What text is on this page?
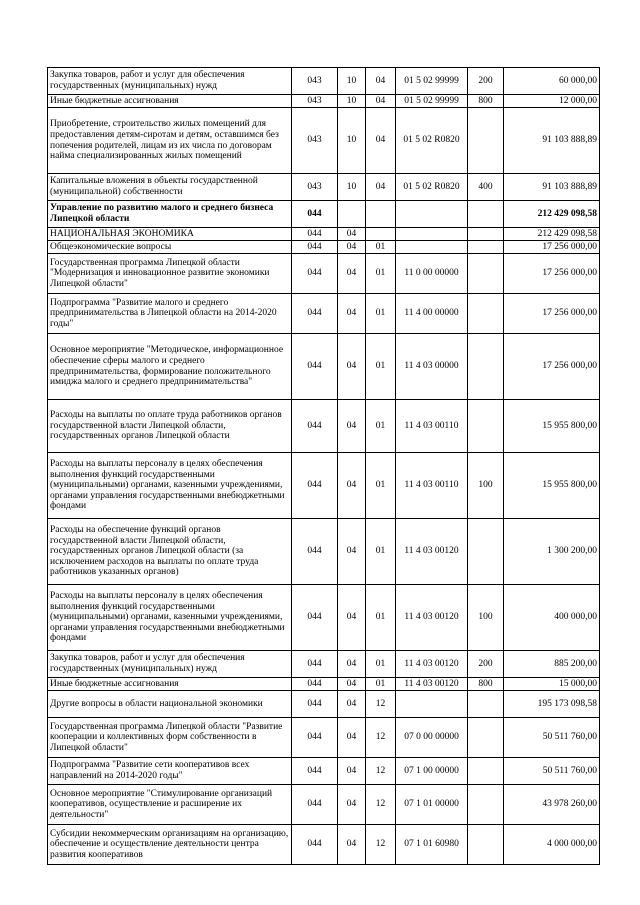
Закупка товаров, работ и услуг для обеспечения государственных (муниципальных) нужд	043	10	04	01 5 02 99999	200	60 000,00
Иные бюджетные ассигнования	043	10	04	01 5 02 99999	800	12 000,00
Приобретение, строительство жилых помещений для предоставления детям-сиротам и детям, оставшимся без попечения родителей, лицам из их числа по договорам найма специализированных жилых помещений	043	10	04	01 5 02 R0820		91 103 888,89
Капитальные вложения в объекты государственной (муниципальной) собственности	043	10	04	01 5 02 R0820	400	91 103 888,89
Управление по развитию малого и среднего бизнеса Липецкой области	044					212 429 098,58
НАЦИОНАЛЬНАЯ ЭКОНОМИКА	044	04				212 429 098,58
Общеэкономические вопросы	044	04	01			17 256 000,00
Государственная программа Липецкой области "Модернизация и инновационное развитие экономики Липецкой области"	044	04	01	11 0 00 00000		17 256 000,00
Подпрограмма "Развитие малого и среднего предпринимательства в Липецкой области на 2014-2020 годы"	044	04	01	11 4 00 00000		17 256 000,00
Основное мероприятие "Методическое, информационное обеспечение сферы малого и среднего предпринимательства, формирование положительного имиджа малого и среднего предпринимательства"	044	04	01	11 4 03 00000		17 256 000,00
Расходы на выплаты по оплате труда работников органов государственной власти Липецкой области, государственных органов Липецкой области	044	04	01	11 4 03 00110		15 955 800,00
Расходы на выплаты персоналу в целях обеспечения выполнения функций государственными (муниципальными) органами, казенными учреждениями, органами управления государственными внебюджетными фондами	044	04	01	11 4 03 00110	100	15 955 800,00
Расходы на обеспечение функций органов государственной власти Липецкой области, государственных органов Липецкой области (за исключением расходов на выплаты по оплате труда работников указанных органов)	044	04	01	11 4 03 00120		1 300 200,00
Расходы на выплаты персоналу в целях обеспечения выполнения функций государственными (муниципальными) органами, казенными учреждениями, органами управления государственными внебюджетными фондами	044	04	01	11 4 03 00120	100	400 000,00
Закупка товаров, работ и услуг для обеспечения государственных (муниципальных) нужд	044	04	01	11 4 03 00120	200	885 200,00
Иные бюджетные ассигнования	044	04	01	11 4 03 00120	800	15 000,00
Другие вопросы в области национальной экономики	044	04	12			195 173 098,58
Государственная программа Липецкой области "Развитие кооперации и коллективных форм собственности в Липецкой области"	044	04	12	07 0 00 00000		50 511 760,00
Подпрограмма "Развитие сети кооперативов всех направлений на 2014-2020 годы"	044	04	12	07 1 00 00000		50 511 760,00
Основное мероприятие "Стимулирование организаций кооперативов, осуществление и расширение их деятельности"	044	04	12	07 1 01 00000		43 978 260,00
Субсидии некоммерческим организациям на организацию, обеспечение и осуществление деятельности центра развития кооперативов	044	04	12	07 1 01 60980		4 000 000,00
